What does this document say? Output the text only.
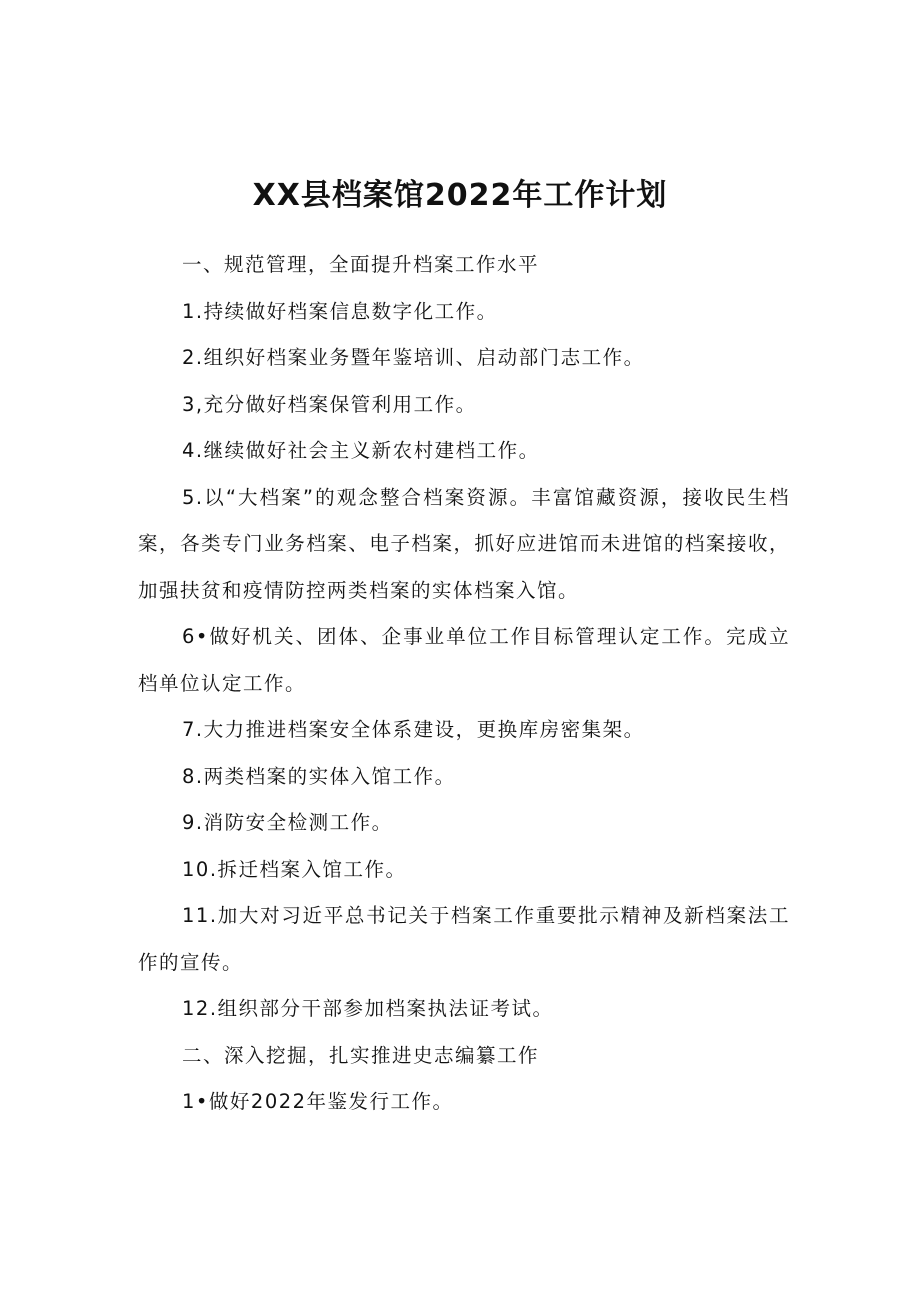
XX县档案馆2022年工作计划

一、规范管理，全面提升档案工作水平

1.持续做好档案信息数字化工作。

2.组织好档案业务暨年鉴培训、启动部门志工作。

3,充分做好档案保管利用工作。

4.继续做好社会主义新农村建档工作。

5.以“大档案”的观念整合档案资源。丰富馆藏资源，接收民生档案，各类专门业务档案、电子档案，抓好应进馆而未进馆的档案接收，加强扶贫和疫情防控两类档案的实体档案入馆。

6•做好机关、团体、企事业单位工作目标管理认定工作。完成立档单位认定工作。

7.大力推进档案安全体系建设，更换库房密集架。

8.两类档案的实体入馆工作。

9.消防安全检测工作。

10.拆迁档案入馆工作。

11.加大对习近平总书记关于档案工作重要批示精神及新档案法工作的宣传。

12.组织部分干部参加档案执法证考试。

二、深入挖掘，扎实推进史志编纂工作

1•做好2022年鉴发行工作。
